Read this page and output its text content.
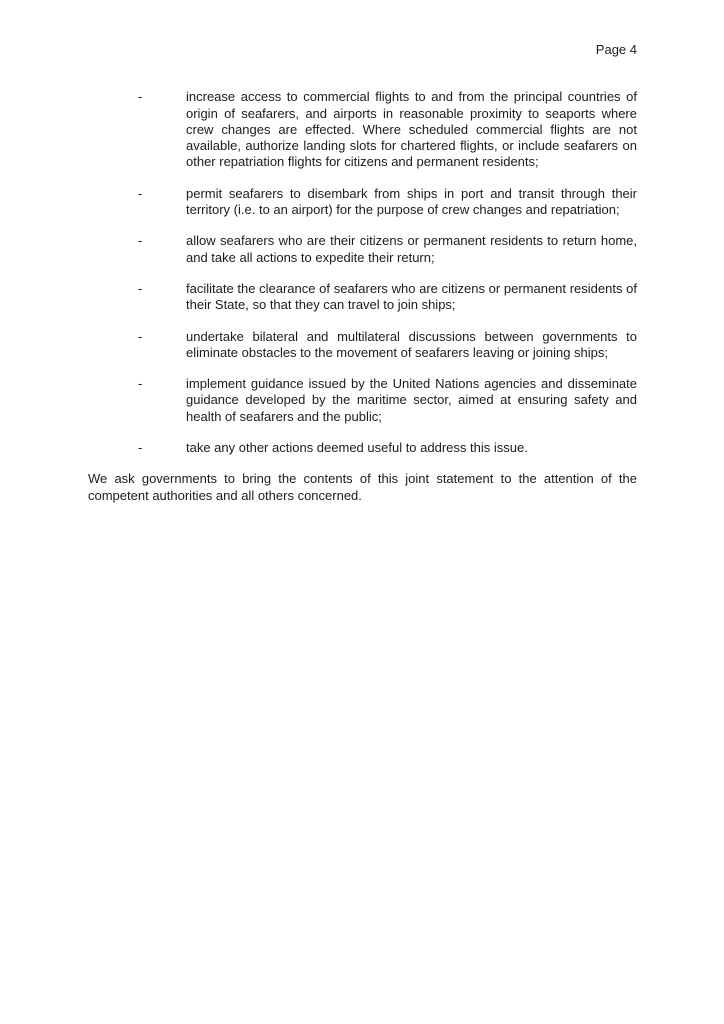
Page 4
-	increase access to commercial flights to and from the principal countries of origin of seafarers, and airports in reasonable proximity to seaports where crew changes are effected. Where scheduled commercial flights are not available, authorize landing slots for chartered flights, or include seafarers on other repatriation flights for citizens and permanent residents;
-	permit seafarers to disembark from ships in port and transit through their territory (i.e. to an airport) for the purpose of crew changes and repatriation;
-	allow seafarers who are their citizens or permanent residents to return home, and take all actions to expedite their return;
-	facilitate the clearance of seafarers who are citizens or permanent residents of their State, so that they can travel to join ships;
-	undertake bilateral and multilateral discussions between governments to eliminate obstacles to the movement of seafarers leaving or joining ships;
-	implement guidance issued by the United Nations agencies and disseminate guidance developed by the maritime sector, aimed at ensuring safety and health of seafarers and the public;
-	take any other actions deemed useful to address this issue.
We ask governments to bring the contents of this joint statement to the attention of the competent authorities and all others concerned.
